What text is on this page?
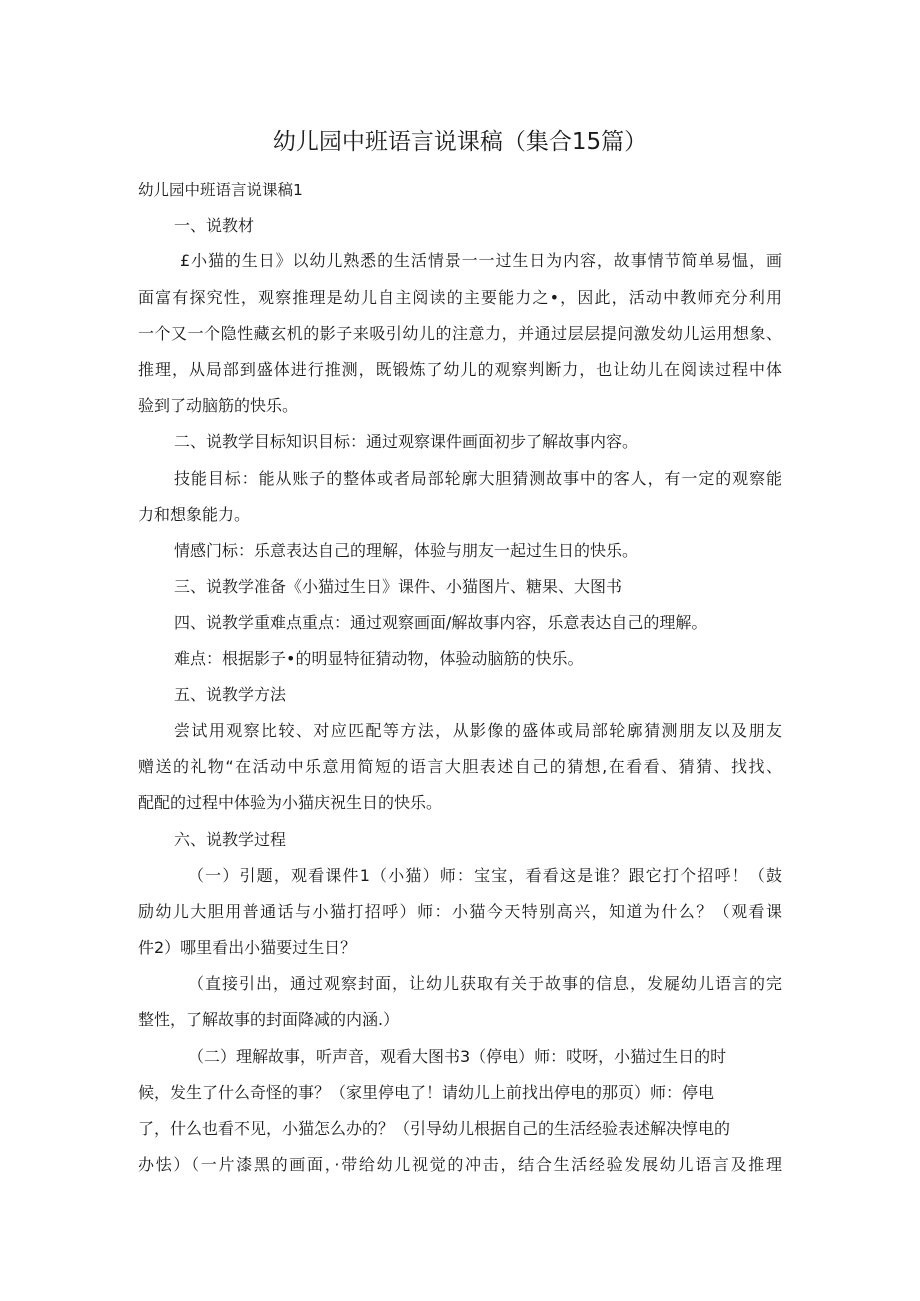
幼儿园中班语言说课稿（集合15篇）

幼儿园中班语言说课稿1

一、说教材

£小猫的生日》以幼儿熟悉的生活情景一一过生日为内容，故事情节简单易愠，画

面富有探究性，观察推理是幼儿自主阅读的主要能力之•，因此，活动中教师充分利用

一个又一个隐性藏玄机的影子来吸引幼儿的注意力，并通过层层提问激发幼儿运用想象、

推理，从局部到盛体进行推测，既锻炼了幼儿的观察判断力，也让幼儿在阅读过程中体

验到了动脑筋的快乐。

二、说教学目标知识目标：通过观察课件画面初步了解故事内容。

技能目标：能从账子的整体或者局部轮廓大胆猜测故事中的客人，有一定的观察能

力和想象能力。

情感门标：乐意表达自己的理解，体验与朋友一起过生日的快乐。

三、说教学准备《小猫过生日》课件、小猫图片、糖果、大图书

四、说教学重难点重点：通过观察画面/解故事内容，乐意表达自己的理解。

难点：根据影子•的明显特征猜动物，体验动脑筋的快乐。

五、说教学方法

尝试用观察比较、对应匹配等方法，从影像的盛体或局部轮廓猜测朋友以及朋友

赠送的礼物“在活动中乐意用简短的语言大胆表述自己的猜想,在看看、猜猜、找找、

配配的过程中体验为小猫庆祝生日的快乐。

六、说教学过程

（一）引题，观看课件1（小猫）师：宝宝，看看这是谁？跟它打个招呼！（鼓

励幼儿大胆用普通话与小猫打招呼）师：小猫今天特别高兴，知道为什么？（观看课

件2）哪里看出小猫要过生日？

（直接引出，通过观察封面，让幼儿获取有关于故事的信息，发屣幼儿语言的完

整性，了解故事的封面降减的内涵.）

（二）理解故事，听声音，观看大图书3（停电）师：哎呀，小猫过生日的时

候，发生了什么奇怪的事？（家里停电了！请幼儿上前找出停电的那页）师：停电

了，什么也看不见，小猫怎么办的？（引导幼儿根据自己的生活经验表述解决惇电的

办怯）（一片漆黑的画面，·带给幼儿视觉的冲击，结合生活经验发展幼儿语言及推理
